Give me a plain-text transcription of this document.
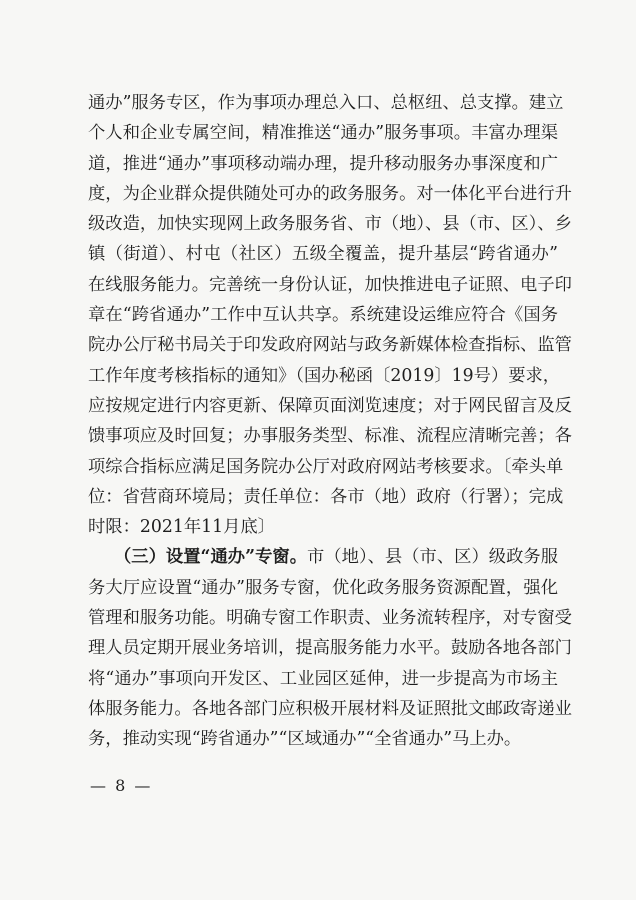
通办”服务专区，作为事项办理总入口、总枢纽、总支撑。建立
个人和企业专属空间，精准推送“通办”服务事项。丰富办理渠
道，推进“通办”事项移动端办理，提升移动服务办事深度和广
度，为企业群众提供随处可办的政务服务。对一体化平台进行升
级改造，加快实现网上政务服务省、市（地）、县（市、区）、乡
镇（街道）、村屯（社区）五级全覆盖，提升基层“跨省通办”
在线服务能力。完善统一身份认证，加快推进电子证照、电子印
章在“跨省通办”工作中互认共享。系统建设运维应符合《国务
院办公厅秘书局关于印发政府网站与政务新媒体检查指标、监管
工作年度考核指标的通知》（国办秘函〔2019〕19号）要求，
应按规定进行内容更新、保障页面浏览速度；对于网民留言及反
馈事项应及时回复；办事服务类型、标准、流程应清晰完善；各
项综合指标应满足国务院办公厅对政府网站考核要求。〔牵头单
位：省营商环境局；责任单位：各市（地）政府（行署）；完成
时限：2021年11月底〕
　　（三）设置“通办”专窗。市（地）、县（市、区）级政务服
务大厅应设置“通办”服务专窗，优化政务服务资源配置，强化
管理和服务功能。明确专窗工作职责、业务流转程序，对专窗受
理人员定期开展业务培训，提高服务能力水平。鼓励各地各部门
将“通办”事项向开发区、工业园区延伸，进一步提高为市场主
体服务能力。各地各部门应积极开展材料及证照批文邮政寄递业
务，推动实现“跨省通办”“区域通办”“全省通办”马上办。
— 8 —
